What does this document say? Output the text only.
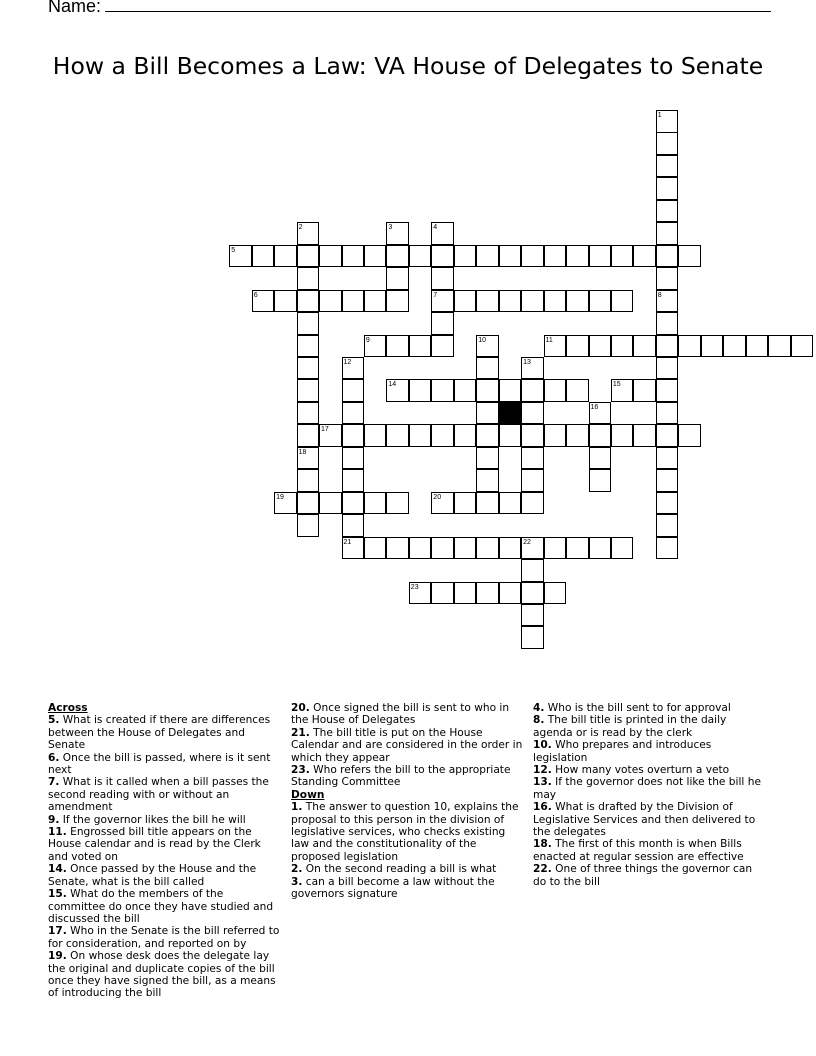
Name:
How a Bill Becomes a Law: VA House of Delegates to Senate
1
8
2
18
3	4
7
5
6
9	10	11
12
21
13
14	15
16
17
19	20
22
23
Across
5. What is created if there are differences between the House of Delegates and Senate
6. Once the bill is passed, where is it sent next
7. What is it called when a bill passes the second reading with or without an amendment
9. If the governor likes the bill he will
11. Engrossed bill title appears on the House calendar and is read by the Clerk and voted on
14. Once passed by the House and the Senate, what is the bill called
15. What do the members of the committee do once they have studied and discussed the bill
17. Who in the Senate is the bill referred to for consideration, and reported on by
19. On whose desk does the delegate lay the original and duplicate copies of the bill once they have signed the bill, as a means of introducing the bill
20. Once signed the bill is sent to who in the House of Delegates
21. The bill title is put on the House Calendar and are considered in the order in which they appear
23. Who refers the bill to the appropriate Standing Committee
Down
1. The answer to question 10, explains the proposal to this person in the division of legislative services, who checks existing law and the constitutionality of the proposed legislation
2. On the second reading a bill is what
3. can a bill become a law without the governors signature
4. Who is the bill sent to for approval
8. The bill title is printed in the daily agenda or is read by the clerk
10. Who prepares and introduces legislation
12. How many votes overturn a veto
13. If the governor does not like the bill he may
16. What is drafted by the Division of Legislative Services and then delivered to the delegates
18. The first of this month is when Bills enacted at regular session are effective
22. One of three things the governor can do to the bill
